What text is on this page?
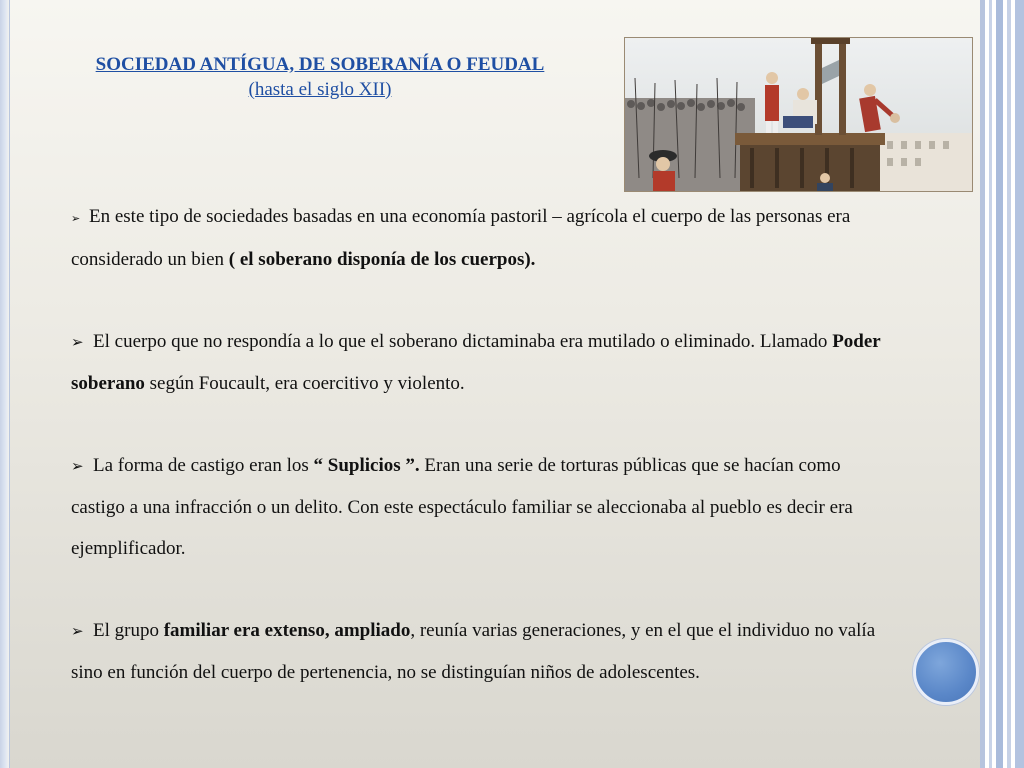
SOCIEDAD ANTÍGUA, DE SOBERANÍA O FEUDAL
(hasta el siglo XII)

➢ En este tipo de sociedades basadas en una economía pastoril – agrícola el cuerpo de las personas era considerado un bien ( el soberano disponía de los cuerpos).

➢ El cuerpo que no respondía a lo que el soberano dictaminaba era mutilado o eliminado. Llamado Poder soberano según Foucault, era coercitivo y violento.

➢ La forma de castigo eran los “ Suplicios ”. Eran una serie de torturas públicas que se hacían como castigo a una infracción o un delito. Con este espectáculo familiar se aleccionaba al pueblo es decir era ejemplificador.

➢ El grupo familiar era extenso, ampliado, reunía varias generaciones, y en el que el individuo no valía sino en función del cuerpo de pertenencia, no se distinguían niños de adolescentes.
